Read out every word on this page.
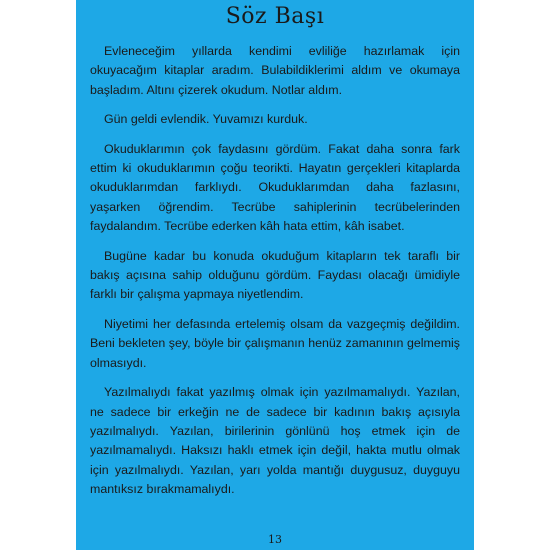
Söz Başı

Evleneceğim yıllarda kendimi evliliğe hazırlamak için okuyacağım kitaplar aradım. Bulabildiklerimi aldım ve okumaya başladım. Altını çizerek okudum. Notlar aldım.

Gün geldi evlendik. Yuvamızı kurduk.

Okuduklarımın çok faydasını gördüm. Fakat daha sonra fark ettim ki okuduklarımın çoğu teorikti. Hayatın gerçekleri kitaplarda okuduklarımdan farklıydı. Okuduklarımdan daha fazlasını, yaşarken öğrendim. Tecrübe sahiplerinin tecrübelerinden faydalandım. Tecrübe ederken kâh hata ettim, kâh isabet.

Bugüne kadar bu konuda okuduğum kitapların tek taraflı bir bakış açısına sahip olduğunu gördüm. Faydası olacağı ümidiyle farklı bir çalışma yapmaya niyetlendim.

Niyetimi her defasında ertelemiş olsam da vazgeçmiş değildim. Beni bekleten şey, böyle bir çalışmanın henüz zamanının gelmemiş olmasıydı.

Yazılmalıydı fakat yazılmış olmak için yazılmamalıydı. Yazılan, ne sadece bir erkeğin ne de sadece bir kadının bakış açısıyla yazılmalıydı. Yazılan, birilerinin gönlünü hoş etmek için de yazılmamalıydı. Haksızı haklı etmek için değil, hakta mutlu olmak için yazılmalıydı. Yazılan, yarı yolda mantığı duygusuz, duyguyu mantıksız bırakmamalıydı.

13
